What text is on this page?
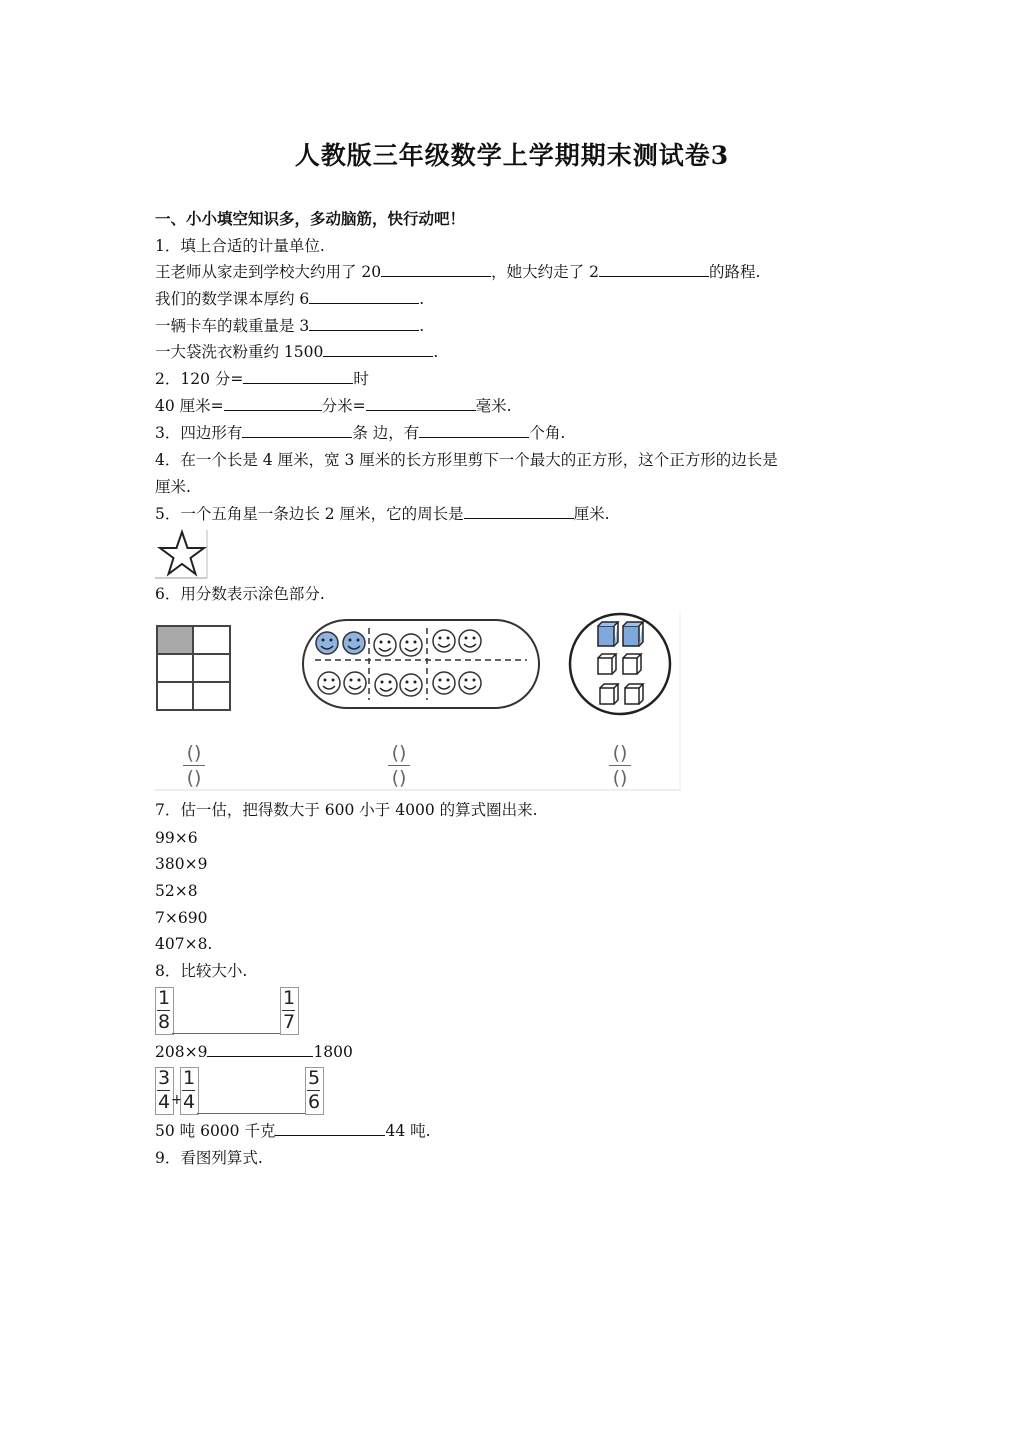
人教版三年级数学上学期期末测试卷3
一、小小填空知识多，多动脑筋，快行动吧！
1．填上合适的计量单位.
王老师从家走到学校大约用了 20	，她大约走了 2	的路程.
我们的数学课本厚约 6	.
一辆卡车的载重量是 3	.
一大袋洗衣粉重约 1500	.
2．120 分=	时
40 厘米=	分米=	毫米.
3．四边形有	条 边，有	个角.
4．在一个长是 4 厘米，宽 3 厘米的长方形里剪下一个最大的正方形，这个正方形的边长是
厘米.
5．一个五角星一条边长 2 厘米，它的周长是	厘米.
6．用分数表示涂色部分.
()
()
()
()
()
()
7．估一估，把得数大于 600 小于 4000 的算式圈出来.
99×6
380×9
52×8
7×690
407×8.
8．比较大小.
1
8
1
7
208×9	1800
3
4 +
1
4
5
6
50 吨 6000 千克	44 吨.
9．看图列算式.
